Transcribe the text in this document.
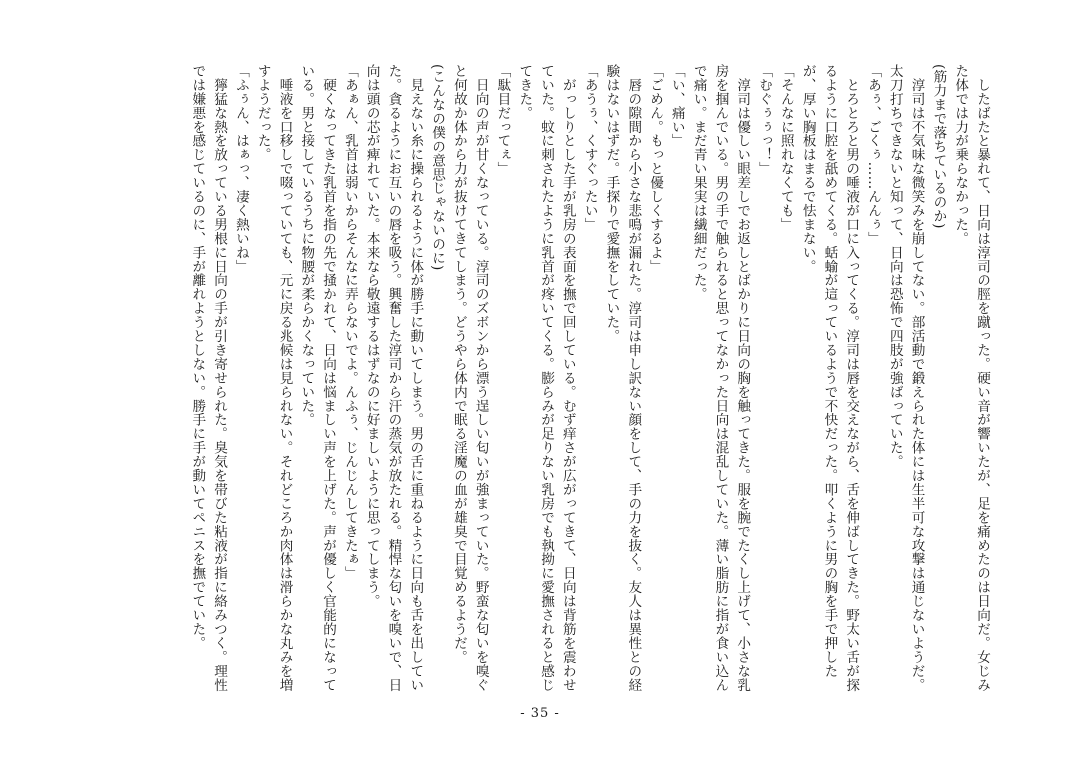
　したばたと暴れて、日向は淳司の脛を蹴った。硬い音が響いたが、足を痛めたのは日向だ。女じみた体では力が乗らなかった。

(筋力まで落ちているのか)

　淳司は不気味な微笑みを崩してない。部活動で鍛えられた体には生半可な攻撃は通じないようだ。太刀打ちできないと知って、日向は恐怖で四肢が強ばっていた。

「あぅ、ごくぅ……んんぅ」

　とろとろと男の唾液が口に入ってくる。淳司は唇を交えながら、舌を伸ばしてきた。野太い舌が探るように口腔を舐めてくる。蛞蝓が這っているようで不快だった。叩くように男の胸を手で押したが、厚い胸板はまるで怯まない。

「そんなに照れなくても」

「むぐぅぅっ！」

　淳司は優しい眼差しでお返しとばかりに日向の胸を触ってきた。服を腕でたくし上げて、小さな乳房を掴んでいる。男の手で触られると思ってなかった日向は混乱していた。薄い脂肪に指が食い込んで痛い。まだ青い果実は繊細だった。

「い、痛い」

「ごめん。もっと優しくするよ」

　唇の隙間から小さな悲鳴が漏れた。淳司は申し訳ない顔をして、手の力を抜く。友人は異性との経験はないはずだ。手探りで愛撫をしていた。

「あうぅ、くすぐったい」

　がっしりとした手が乳房の表面を撫で回している。むず痒さが広がってきて、日向は背筋を震わせていた。蚊に刺されたように乳首が疼いてくる。膨らみが足りない乳房でも執拗に愛撫されると感じてきた。

「駄目だってぇ」

　日向の声が甘くなっている。淳司のズボンから漂う逞しい匂いが強まっていた。野蛮な匂いを嗅ぐと何故か体から力が抜けてきてしまう。どうやら体内で眠る淫魔の血が雄臭で目覚めるようだ。

(こんなの僕の意思じゃないのに)

　見えない糸に操られるように体が勝手に動いてしまう。男の舌に重ねるように日向も舌を出していた。貪るようにお互いの唇を吸う。興奮した淳司から汗の蒸気が放たれる。精悍な匂いを嗅いで、日向は頭の芯が痺れていた。本来なら敬遠するはずなのに好ましいように思ってしまう。

「あぁん、乳首は弱いからそんなに弄らないでよ。んふぅ、じんじんしてきたぁ」

　硬くなってきた乳首を指の先で掻かれて、日向は悩ましい声を上げた。声が優しく官能的になっている。男と接しているうちに物腰が柔らかくなっていた。

　唾液を口移しで啜っていても、元に戻る兆候は見られない。それどころか肉体は滑らかな丸みを増すようだった。

「ふぅん、はぁっ、凄く熱いね」

　獰猛な熱を放っている男根に日向の手が引き寄せられた。臭気を帯びた粘液が指に絡みつく。理性では嫌悪を感じているのに、手が離れようとしない。勝手に手が動いてペニスを撫でていた。

- 35 -
